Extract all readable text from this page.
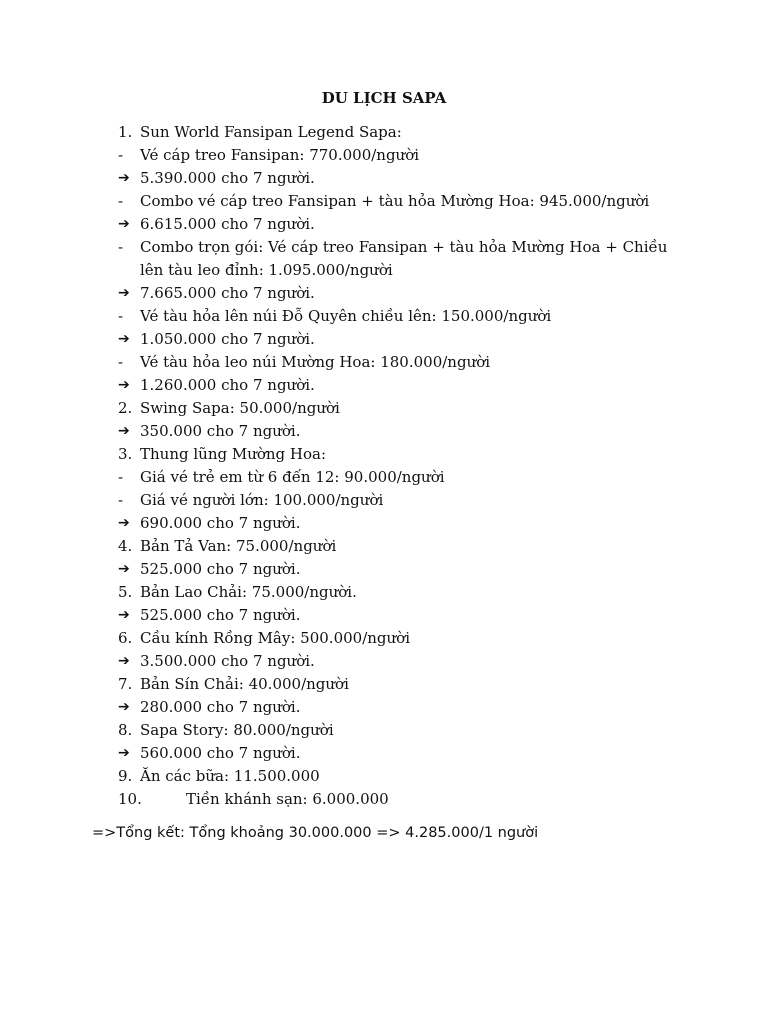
DU LỊCH SAPA
1. Sun World Fansipan Legend Sapa:
- Vé cáp treo Fansipan: 770.000/người
➔ 5.390.000 cho 7 người.
- Combo vé cáp treo Fansipan + tàu hỏa Mường Hoa: 945.000/người
➔ 6.615.000 cho 7 người.
- Combo trọn gói: Vé cáp treo Fansipan + tàu hỏa Mường Hoa + Chiều
lên tàu leo đỉnh: 1.095.000/người
➔ 7.665.000 cho 7 người.
- Vé tàu hỏa lên núi Đỗ Quyên chiều lên: 150.000/người
➔ 1.050.000 cho 7 người.
- Vé tàu hỏa leo núi Mường Hoa: 180.000/người
➔ 1.260.000 cho 7 người.
2. Swing Sapa: 50.000/người
➔ 350.000 cho 7 người.
3. Thung lũng Mường Hoa:
- Giá vé trẻ em từ 6 đến 12: 90.000/người
- Giá vé người lớn: 100.000/người
➔ 690.000 cho 7 người.
4. Bản Tả Van: 75.000/người
➔ 525.000 cho 7 người.
5. Bản Lao Chải: 75.000/người.
➔ 525.000 cho 7 người.
6. Cầu kính Rồng Mây: 500.000/người
➔ 3.500.000 cho 7 người.
7. Bản Sín Chải: 40.000/người
➔ 280.000 cho 7 người.
8. Sapa Story: 80.000/người
➔ 560.000 cho 7 người.
9. Ăn các bữa: 11.500.000
10.	Tiền khánh sạn: 6.000.000
=>Tổng kết: Tổng khoảng 30.000.000 => 4.285.000/1 người
